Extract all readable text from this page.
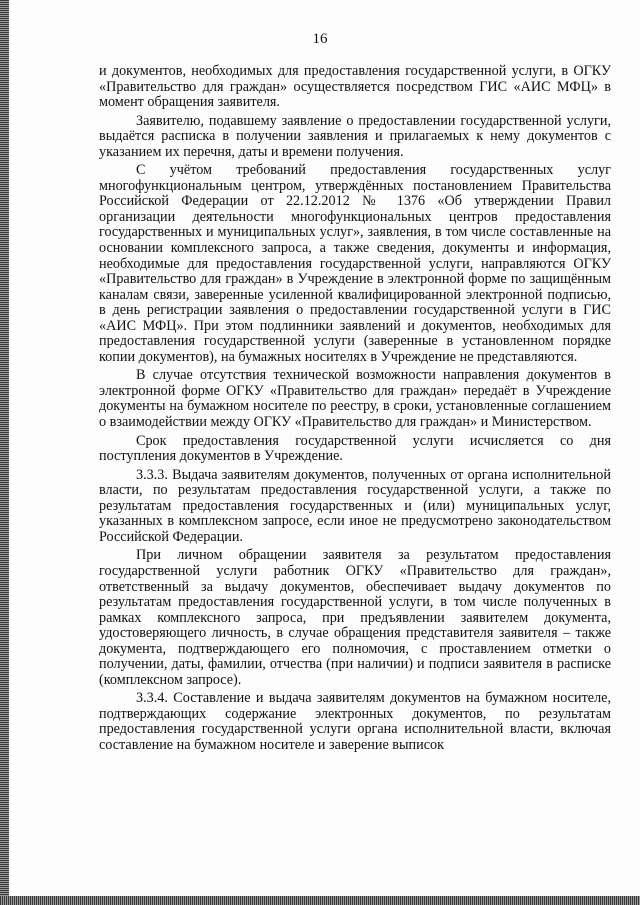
16

и документов, необходимых для предоставления государственной услуги, в ОГКУ «Правительство для граждан» осуществляется посредством ГИС «АИС МФЦ» в момент обращения заявителя.

Заявителю, подавшему заявление о предоставлении государственной услуги, выдаётся расписка в получении заявления и прилагаемых к нему документов с указанием их перечня, даты и времени получения.

С учётом требований предоставления государственных услуг многофункциональным центром, утверждённых постановлением Правительства Российской Федерации от 22.12.2012 № 1376 «Об утверждении Правил организации деятельности многофункциональных центров предоставления государственных и муниципальных услуг», заявления, в том числе составленные на основании комплексного запроса, а также сведения, документы и информация, необходимые для предоставления государственной услуги, направляются ОГКУ «Правительство для граждан» в Учреждение в электронной форме по защищённым каналам связи, заверенные усиленной квалифицированной электронной подписью, в день регистрации заявления о предоставлении государственной услуги в ГИС «АИС МФЦ». При этом подлинники заявлений и документов, необходимых для предоставления государственной услуги (заверенные в установленном порядке копии документов), на бумажных носителях в Учреждение не представляются.

В случае отсутствия технической возможности направления документов в электронной форме ОГКУ «Правительство для граждан» передаёт в Учреждение документы на бумажном носителе по реестру, в сроки, установленные соглашением о взаимодействии между ОГКУ «Правительство для граждан» и Министерством.

Срок предоставления государственной услуги исчисляется со дня поступления документов в Учреждение.

3.3.3. Выдача заявителям документов, полученных от органа исполнительной власти, по результатам предоставления государственной услуги, а также по результатам предоставления государственных и (или) муниципальных услуг, указанных в комплексном запросе, если иное не предусмотрено законодательством Российской Федерации.

При личном обращении заявителя за результатом предоставления государственной услуги работник ОГКУ «Правительство для граждан», ответственный за выдачу документов, обеспечивает выдачу документов по результатам предоставления государственной услуги, в том числе полученных в рамках комплексного запроса, при предъявлении заявителем документа, удостоверяющего личность, в случае обращения представителя заявителя – также документа, подтверждающего его полномочия, с проставлением отметки о получении, даты, фамилии, отчества (при наличии) и подписи заявителя в расписке (комплексном запросе).

3.3.4. Составление и выдача заявителям документов на бумажном носителе, подтверждающих содержание электронных документов, по результатам предоставления государственной услуги органа исполнительной власти, включая составление на бумажном носителе и заверение выписок
